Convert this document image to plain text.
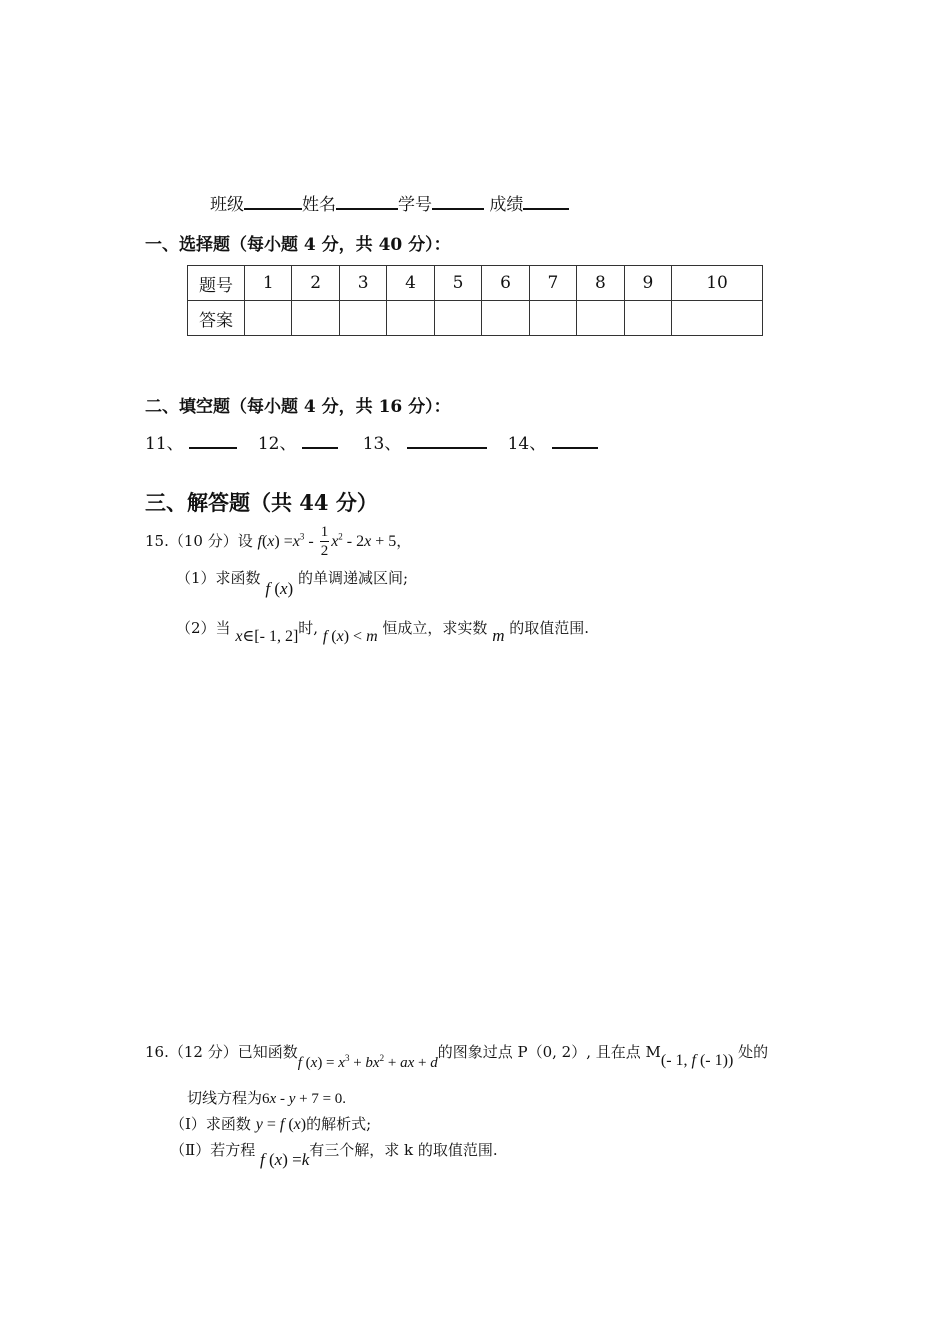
班级	姓名	学号	成绩
一、选择题（每小题 4 分，共 40 分）：
题号	1	2	3	4	5	6	7	8	9	10
答案										
二、填空题（每小题 4 分，共 16 分）：
11、	12、	13、	14、
三、解答题（共 44 分）
15.（10 分）设 $f(x) =x^3 - \frac{1}{2} x^2 - 2x + 5$，
（1）求函数 f (x) 的单调递减区间;
（2）当 x∈[- 1, 2]时, f (x) < m 恒成立，求实数 m 的取值范围.
16.（12 分）已知函数f $(x) = x^3 + bx^2$ + ax + d的图象过点 P（0, 2）, 且在点 M(- 1, f (- 1)) 处的
切线方程为6x - y + 7 = 0.
（Ⅰ）求函数 y = f (x)的解析式;
（Ⅱ）若方程 f (x) =k有三个解，求 k 的取值范围.
